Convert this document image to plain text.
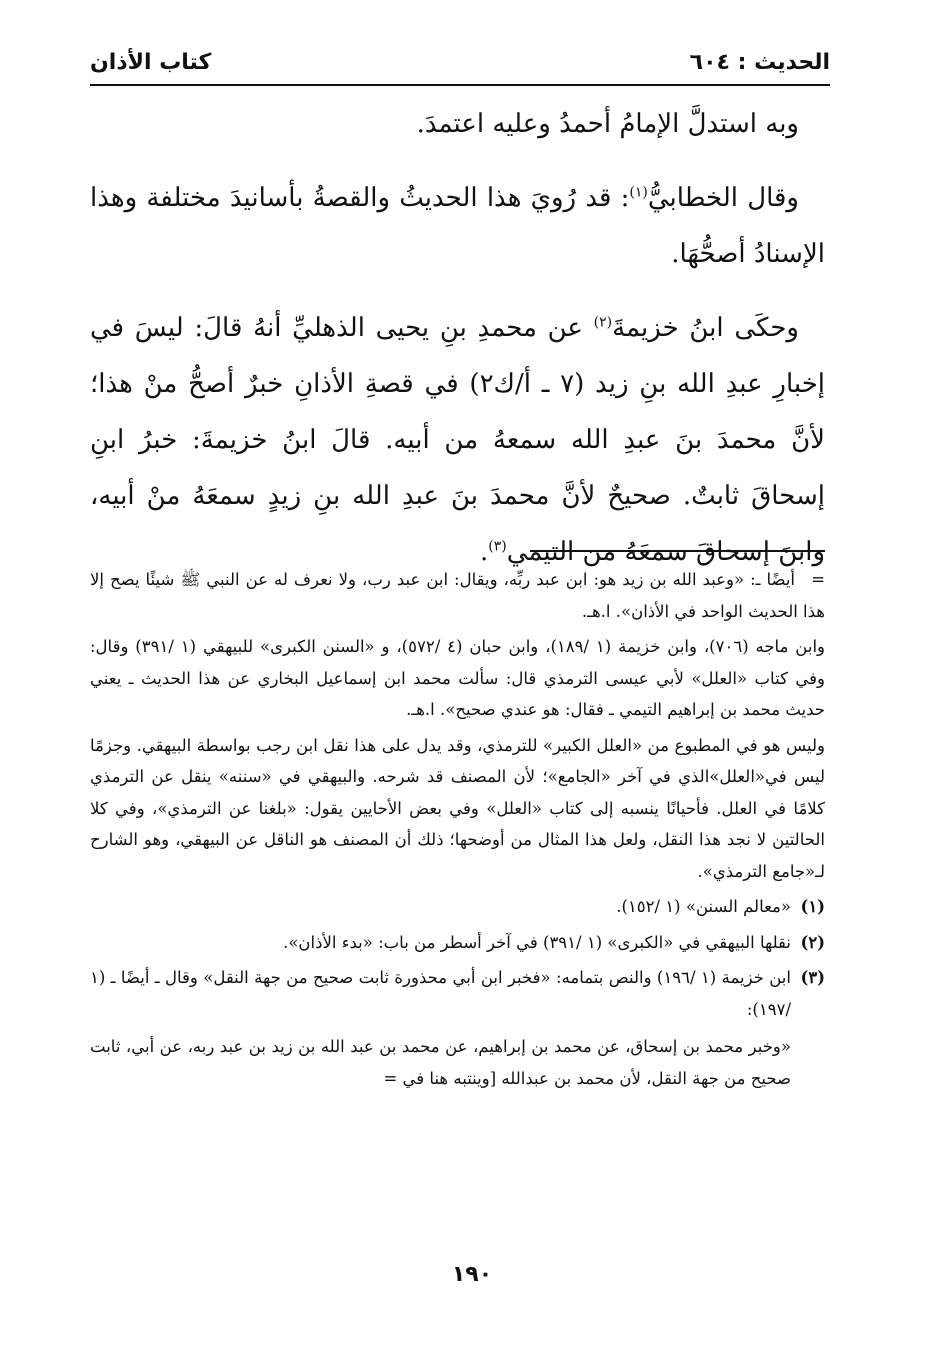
الحديث : ٦٠٤
كتاب الأذان

وبه استدلَّ الإمامُ أحمدُ وعليه اعتمدَ.

وقال الخطابيُّ$^{(١)}$: قد رُويَ هذا الحديثُ والقصةُ بأسانيدَ مختلفة وهذا الإسنادُ أصحُّهَا.

وحكَى ابنُ خزيمةَ$^{(٢)}$ عن محمدِ بنِ يحيى الذهليِّ أنهُ قالَ: ليسَ في إخبارِ عبدِ الله بنِ زيد (٧ ـ أ/ك٢) في قصةِ الأذانِ خبرٌ أصحُّ منْ هذا؛ لأنَّ محمدَ بنَ عبدِ الله سمعهُ من أبيه. قالَ ابنُ خزيمةَ: خبرُ ابنِ إسحاقَ ثابتٌ. صحيحٌ لأنَّ محمدَ بنَ عبدِ الله بنِ زيدٍ سمعَهُ منْ أبيه، وابنَ إسحاقَ سمعَهُ من التيمي$^{(٣)}$.

=أيضًا ـ: «وعبد الله بن زيد هو: ابن عبد ربِّه، ويقال: ابن عبد رب، ولا نعرف له عن النبي ﷺ شيئًا يصح إلا هذا الحديث الواحد في الأذان». ا.هـ.

وابن ماجه (٧٠٦)، وابن خزيمة (١ /١٨٩)، وابن حبان (٤ /٥٧٢)، و «السنن الكبرى» للبيهقي (١ /٣٩١) وقال: وفي كتاب «العلل» لأبي عيسى الترمذي قال: سألت محمد ابن إسماعيل البخاري عن هذا الحديث ـ يعني حديث محمد بن إبراهيم التيمي ـ فقال: هو عندي صحيح». ا.هـ.

وليس هو في المطبوع من «العلل الكبير» للترمذي، وقد يدل على هذا نقل ابن رجب بواسطة البيهقي. وجزمًا ليس في«العلل»الذي في آخر «الجامع»؛ لأن المصنف قد شرحه. والبيهقي في «سننه» ينقل عن الترمذي كلامًا في العلل. فأحيانًا ينسبه إلى كتاب «العلل» وفي بعض الأحايين يقول: «بلغنا عن الترمذي»، وفي كلا الحالتين لا نجد هذا النقل، ولعل هذا المثال من أوضحها؛ ذلك أن المصنف هو الناقل عن البيهقي، وهو الشارح لـ«جامع الترمذي».

(١)
«معالم السنن» (١ /١٥٢).
(٢)
نقلها البيهقي في «الكبرى» (١ /٣٩١) في آخر أسطر من باب: «بدء الأذان».
(٣)
ابن خزيمة (١ /١٩٦) والنص بتمامه: «فخبر ابن أبي محذورة ثابت صحيح من جهة النقل» وقال ـ أيضًا ـ (١ /١٩٧):
«وخبر محمد بن إسحاق، عن محمد بن إبراهيم، عن محمد بن عبد الله بن زيد بن عبد ربه، عن أبي، ثابت صحيح من جهة النقل، لأن محمد بن عبدالله [وينتبه هنا في =
١٩٠
